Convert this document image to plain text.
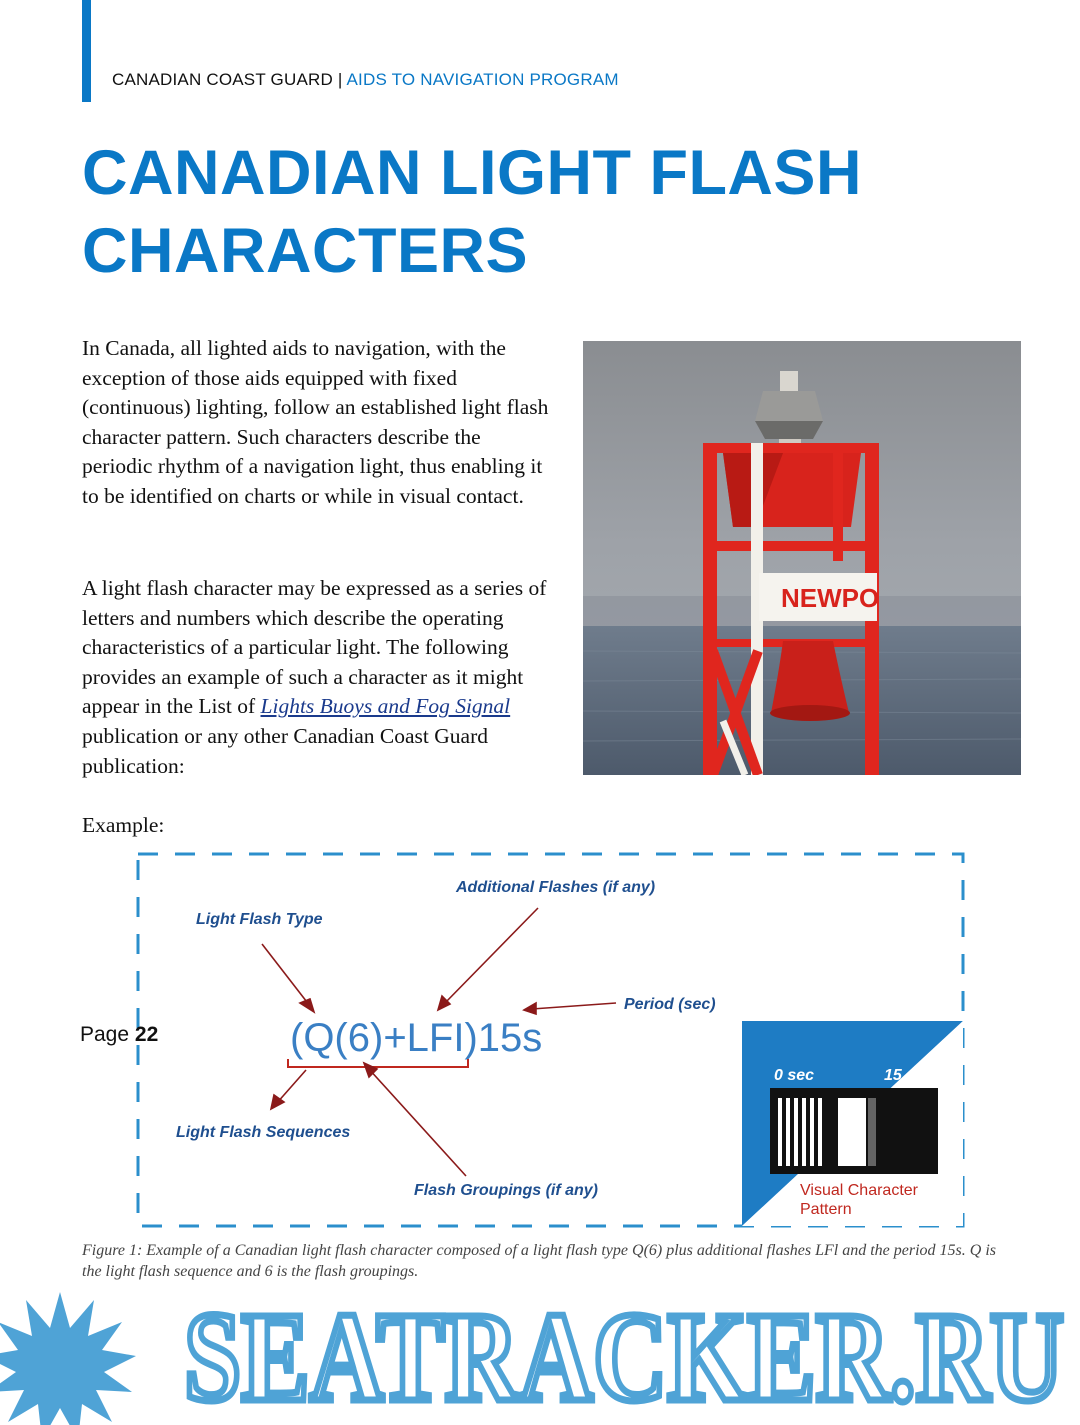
CANADIAN COAST GUARD | AIDS TO NAVIGATION PROGRAM
CANADIAN LIGHT FLASH
CHARACTERS

In Canada, all lighted aids to navigation, with the exception of those aids equipped with fixed (continuous) lighting, follow an established light flash character pattern. Such characters describe the periodic rhythm of a navigation light, thus enabling it to be identified on charts or while in visual contact.

A light flash character may be expressed as a series of letters and numbers which describe the operating characteristics of a particular light. The following provides an example of such a character as it might appear in the List of Lights Buoys and Fog Signal publication or any other Canadian Coast Guard publication:

Example:
NEWPO
Additional Flashes (if any)
Light Flash Type
Period (sec)
Light Flash Sequences
Flash Groupings (if any)
(Q(6)+LFI)15s
0 sec	15 sec
Visual Character
Pattern

Figure 1: Example of a Canadian light flash character composed of a light flash type Q(6) plus additional flashes LFl and the period 15s. Q is the light flash sequence and 6 is the flash groupings.

Page 22
SEATRACKER.RU
